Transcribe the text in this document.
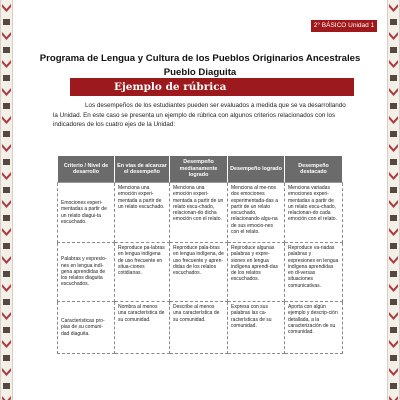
2° BÁSICO Unidad 1
Programa de Lengua y Cultura de los Pueblos Originarios Ancestrales
Pueblo Diaguita
Ejemplo de rúbrica
Los desempeños de los estudiantes pueden ser evaluados a medida que se va desarrollando
la Unidad. En este caso se presenta un ejemplo de rúbrica con algunos criterios relacionados con los
indicadores de los cuatro ejes de la Unidad:
Criterio / Nivel de desarrollo	En vías de alcanzar el desempeño	Desempeño medianamente logrado	Desempeño logrado	Desempeño destacado
Emociones experi-mentadas a partir de un relato diagui-ta escuchado.	Menciona una emoción experi-mentada a partir de un relato escuchado.	Menciona una emoción experi-mentada a partir de un relato escu-chado, relacionan-do dicha emoción con el relato.	Menciona al me-nos dos emociones experimentada-das a partir de un relato escuchado, relacionando algu-na de sus emocio-nes con el relato.	Menciona variadas emociones experi-mentadas a partir de un relato escu-chado, relacionan-do cada emoción con el relato.
Palabras y expresio-nes en lengua indí-gena aprendidas de los relatos diaguita escuchados.	Reproduce pa-labras en lengua indígena de uso frecuente en situa-ciones cotidianas.	Reproduce pala-bras en lengua indígena, de uso frecuente y apren-didas de los relatos escuchados.	Reproduce algunas palabras y expre-siones en lengua indígena aprendi-das de los relatos escuchados.	Reproduce va-riadas palabras y expresiones en lengua indígena aprendidas en di-versas situaciones comunicativas.
Características pro-pias de su comuni-dad diaguita.	Nombra al menos una característica de su comunidad.	Describe al menos una característica de su comunidad.	Expresa con sus palabras las ca-racterísticas de su comunidad.	Aporta con algún ejemplo y descrip-ción detallada, a la caracterización de su comunidad.
